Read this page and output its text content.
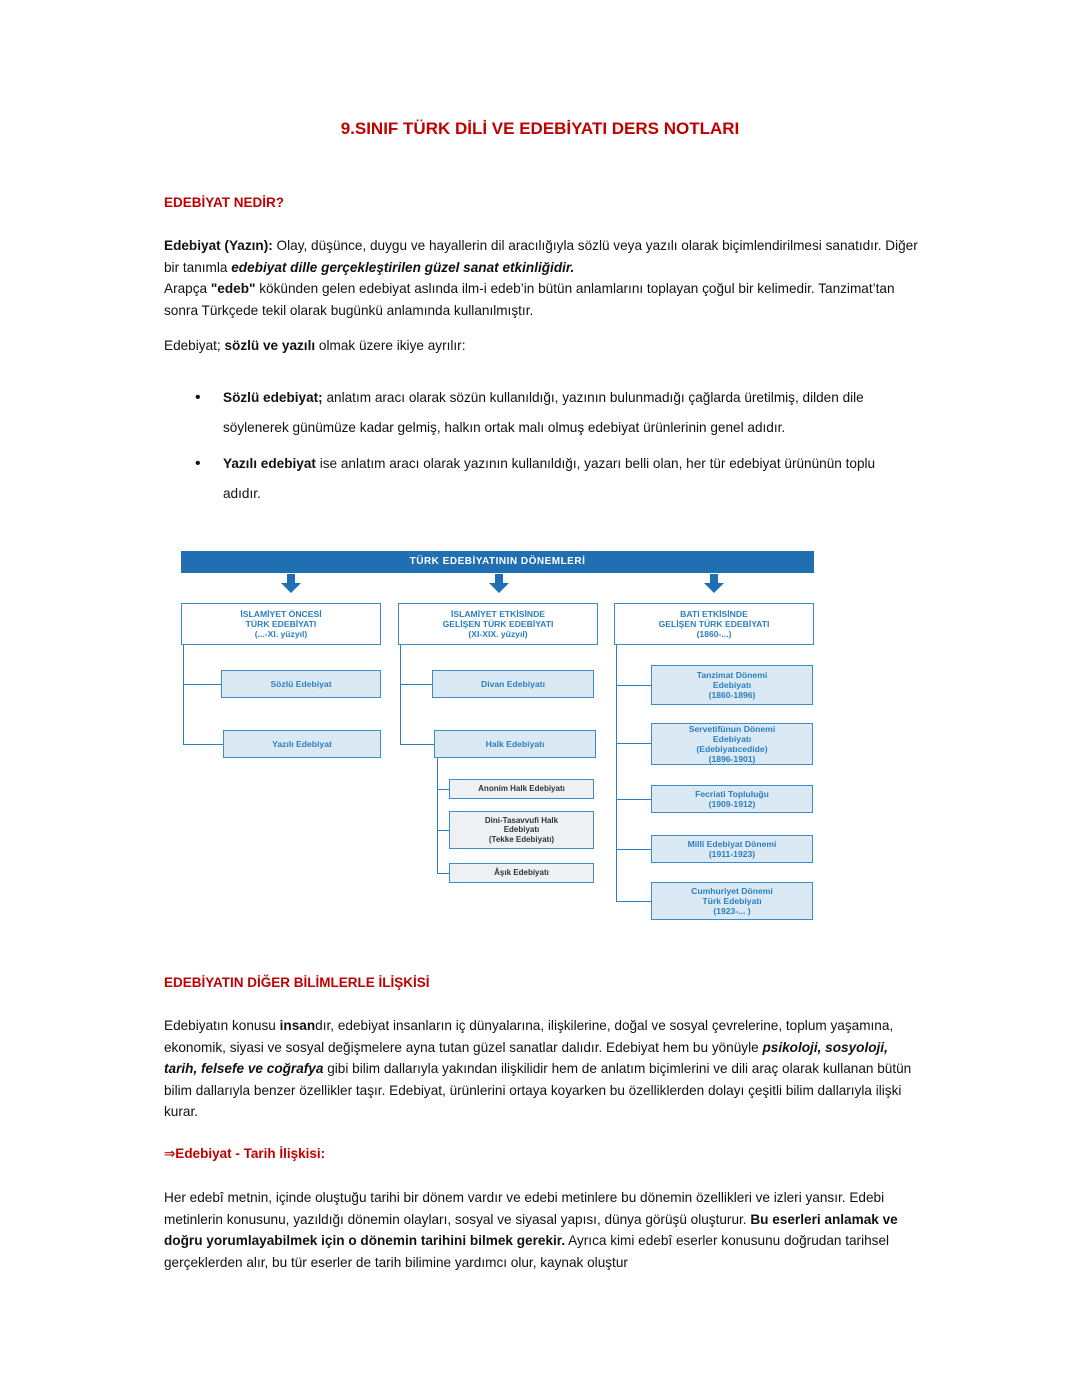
9.SINIF TÜRK DİLİ VE EDEBİYATI DERS NOTLARI
EDEBİYAT NEDİR?
Edebiyat (Yazın): Olay, düşünce, duygu ve hayallerin dil aracılığıyla sözlü veya yazılı olarak biçimlendirilmesi sanatıdır. Diğer bir tanımla edebiyat dille gerçekleştirilen güzel sanat etkinliğidir.
Arapça "edeb" kökünden gelen edebiyat aslında ilm-i edeb’in bütün anlamlarını toplayan çoğul bir kelimedir. Tanzimat’tan sonra Türkçede tekil olarak bugünkü anlamında kullanılmıştır.
Edebiyat; sözlü ve yazılı olmak üzere ikiye ayrılır:
• Sözlü edebiyat; anlatım aracı olarak sözün kullanıldığı, yazının bulunmadığı çağlarda üretilmiş, dilden dile söylenerek günümüze kadar gelmiş, halkın ortak malı olmuş edebiyat ürünlerinin genel adıdır.
• Yazılı edebiyat ise anlatım aracı olarak yazının kullanıldığı, yazarı belli olan, her tür edebiyat ürününün toplu adıdır.
TÜRK EDEBİYATININ DÖNEMLERİ
İSLAMİYET ÖNCESİ
TÜRK EDEBİYATI
(...-XI. yüzyıl)
Sözlü Edebiyat
Yazılı Edebiyat
İSLAMİYET ETKİSİNDE
GELİŞEN TÜRK EDEBİYATI
(XI-XIX. yüzyıl)
Divan Edebiyatı
Halk Edebiyatı
Anonim Halk Edebiyatı
Dini-Tasavvufi Halk
Edebiyatı
(Tekke Edebiyatı)
Âşık Edebiyatı
BATI ETKİSİNDE
GELİŞEN TÜRK EDEBİYATI
(1860-...)
Tanzimat Dönemi
Edebiyatı
(1860-1896)
Servetifünun Dönemi
Edebiyatı
(Edebiyatıcedide)
(1896-1901)
Fecriati Topluluğu
(1909-1912)
Millî Edebiyat Dönemi
(1911-1923)
Cumhuriyet Dönemi
Türk Edebiyatı
(1923-... )
EDEBİYATIN DİĞER BİLİMLERLE İLİŞKİSİ
Edebiyatın konusu insandır, edebiyat insanların iç dünyalarına, ilişkilerine, doğal ve sosyal çevrelerine, toplum yaşamına, ekonomik, siyasi ve sosyal değişmelere ayna tutan güzel sanatlar dalıdır. Edebiyat hem bu yönüyle psikoloji, sosyoloji, tarih, felsefe ve coğrafya gibi bilim dallarıyla yakından ilişkilidir hem de anlatım biçimlerini ve dili araç olarak kullanan bütün bilim dallarıyla benzer özellikler taşır. Edebiyat, ürünlerini ortaya koyarken bu özelliklerden dolayı çeşitli bilim dallarıyla ilişki kurar.
⇒Edebiyat - Tarih İlişkisi:
Her edebî metnin, içinde oluştuğu tarihi bir dönem vardır ve edebi metinlere bu dönemin özellikleri ve izleri yansır. Edebi metinlerin konusunu, yazıldığı dönemin olayları, sosyal ve siyasal yapısı, dünya görüşü oluşturur. Bu eserleri anlamak ve doğru yorumlayabilmek için o dönemin tarihini bilmek gerekir. Ayrıca kimi edebî eserler konusunu doğrudan tarihsel gerçeklerden alır, bu tür eserler de tarih bilimine yardımcı olur, kaynak oluştur
